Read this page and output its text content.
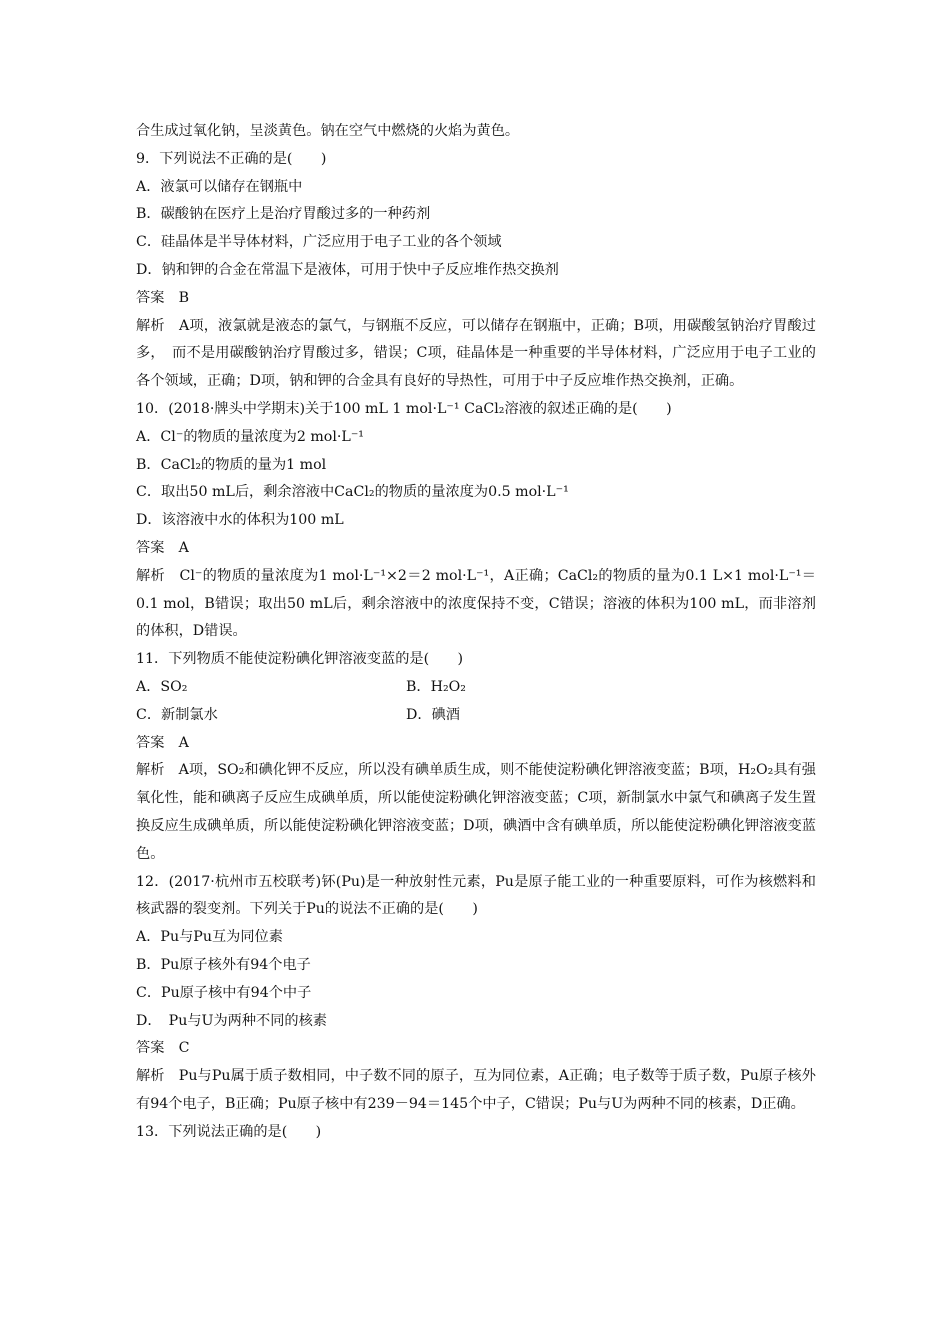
合生成过氧化钠，呈淡黄色。钠在空气中燃烧的火焰为黄色。
9．下列说法不正确的是(　　)
A．液氯可以储存在钢瓶中
B．碳酸钠在医疗上是治疗胃酸过多的一种药剂
C．硅晶体是半导体材料，广泛应用于电子工业的各个领域
D．钠和钾的合金在常温下是液体，可用于快中子反应堆作热交换剂
答案　B
解析　A项，液氯就是液态的氯气，与钢瓶不反应，可以储存在钢瓶中，正确；B项，用碳酸氢钠治疗胃酸过多，　而不是用碳酸钠治疗胃酸过多，错误；C项，硅晶体是一种重要的半导体材料，广泛应用于电子工业的各个领域，正确；D项，钠和钾的合金具有良好的导热性，可用于中子反应堆作热交换剂，正确。
10．(2018·牌头中学期末)关于100 mL 1 mol·L⁻¹ CaCl₂溶液的叙述正确的是(　　)
A．Cl⁻的物质的量浓度为2 mol·L⁻¹
B．CaCl₂的物质的量为1 mol
C．取出50 mL后，剩余溶液中CaCl₂的物质的量浓度为0.5 mol·L⁻¹
D．该溶液中水的体积为100 mL
答案　A
解析　Cl⁻的物质的量浓度为1 mol·L⁻¹×2＝2 mol·L⁻¹，A正确；CaCl₂的物质的量为0.1 L×1 mol·L⁻¹＝0.1 mol，B错误；取出50 mL后，剩余溶液中的浓度保持不变，C错误；溶液的体积为100 mL，而非溶剂的体积，D错误。
11．下列物质不能使淀粉碘化钾溶液变蓝的是(　　)
A．SO₂	B．H₂O₂
C．新制氯水	D．碘酒
答案　A
解析　A项，SO₂和碘化钾不反应，所以没有碘单质生成，则不能使淀粉碘化钾溶液变蓝；B项，H₂O₂具有强氧化性，能和碘离子反应生成碘单质，所以能使淀粉碘化钾溶液变蓝；C项，新制氯水中氯气和碘离子发生置换反应生成碘单质，所以能使淀粉碘化钾溶液变蓝；D项，碘酒中含有碘单质，所以能使淀粉碘化钾溶液变蓝色。
12．(2017·杭州市五校联考)钚(Pu)是一种放射性元素，Pu是原子能工业的一种重要原料，可作为核燃料和核武器的裂变剂。下列关于Pu的说法不正确的是(　　)
A．Pu与Pu互为同位素
B．Pu原子核外有94个电子
C．Pu原子核中有94个中子
D．　Pu与U为两种不同的核素
答案　C
解析　Pu与Pu属于质子数相同，中子数不同的原子，互为同位素，A正确；电子数等于质子数，Pu原子核外有94个电子，B正确；Pu原子核中有239－94＝145个中子，C错误；Pu与U为两种不同的核素，D正确。
13．下列说法正确的是(　　)
